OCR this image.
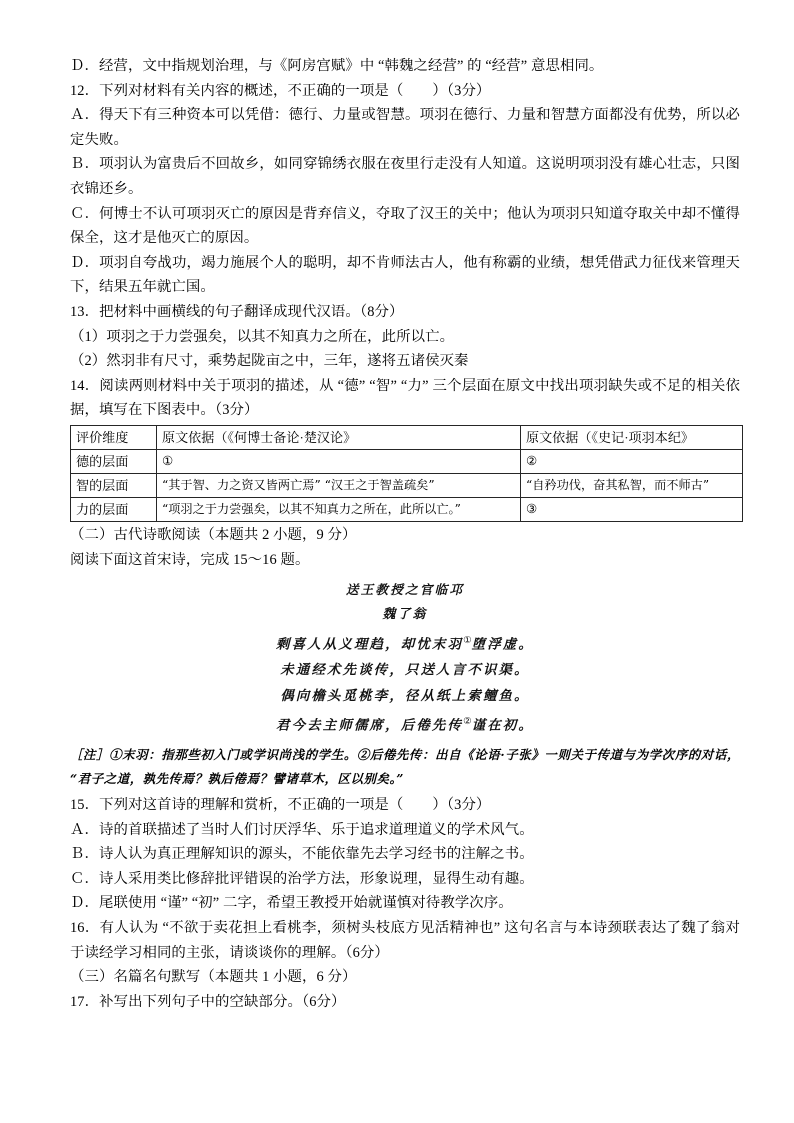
Ｄ．经营，文中指规划治理，与《阿房宫赋》中 “韩魏之经营” 的 “经营” 意思相同。

12．下列对材料有关内容的概述，不正确的一项是（　　）（3分）

Ａ．得天下有三种资本可以凭借：德行、力量或智慧。项羽在德行、力量和智慧方面都没有优势，所以必定失败。

Ｂ．项羽认为富贵后不回故乡，如同穿锦绣衣服在夜里行走没有人知道。这说明项羽没有雄心壮志，只图衣锦还乡。

Ｃ．何博士不认可项羽灭亡的原因是背弃信义，夺取了汉王的关中；他认为项羽只知道夺取关中却不懂得保全，这才是他灭亡的原因。

Ｄ．项羽自夸战功，竭力施展个人的聪明，却不肯师法古人，他有称霸的业绩，想凭借武力征伐来管理天下，结果五年就亡国。

13．把材料中画横线的句子翻译成现代汉语。（8分）

（1）项羽之于力尝强矣，以其不知真力之所在，此所以亡。

（2）然羽非有尺寸，乘势起陇亩之中，三年，遂将五诸侯灭秦

14．阅读两则材料中关于项羽的描述，从 “德” “智” “力” 三个层面在原文中找出项羽缺失或不足的相关依据，填写在下图表中。（3分）

评价维度	原文依据（《何博士备论·楚汉论》	原文依据（《史记·项羽本纪》
德的层面	①	②
智的层面	“其于智、力之资又皆两亡焉” “汉王之于智盖疏矣”	“自矜功伐，奋其私智，而不师古”
力的层面	“项羽之于力尝强矣，以其不知真力之所在，此所以亡。”	③

（二）古代诗歌阅读（本题共 2 小题，9 分）

阅读下面这首宋诗，完成 15～16 题。

送王教授之官临邛
魏了翁
剩喜人从义理趋，却忧末羽①堕浮虚。
未通经术先谈传，只送人言不识渠。
偶向檐头觅桃李，径从纸上索鳣鱼。
君今去主师儒席，后倦先传②谨在初。

［注］①末羽：指那些初入门或学识尚浅的学生。②后倦先传：出自《论语·子张》一则关于传道与为学次序的对话，“君子之道，孰先传焉？孰后倦焉？譬诸草木，区以别矣。”

15．下列对这首诗的理解和赏析，不正确的一项是（　　）（3分）

Ａ．诗的首联描述了当时人们讨厌浮华、乐于追求道理道义的学术风气。

Ｂ．诗人认为真正理解知识的源头，不能依靠先去学习经书的注解之书。

Ｃ．诗人采用类比修辞批评错误的治学方法，形象说理，显得生动有趣。

Ｄ．尾联使用 “谨” “初” 二字，希望王教授开始就谨慎对待教学次序。

16．有人认为 “不欲于卖花担上看桃李，须树头枝底方见活精神也” 这句名言与本诗颈联表达了魏了翁对于读经学习相同的主张，请谈谈你的理解。（6分）

（三）名篇名句默写（本题共 1 小题，6 分）

17．补写出下列句子中的空缺部分。（6分）
